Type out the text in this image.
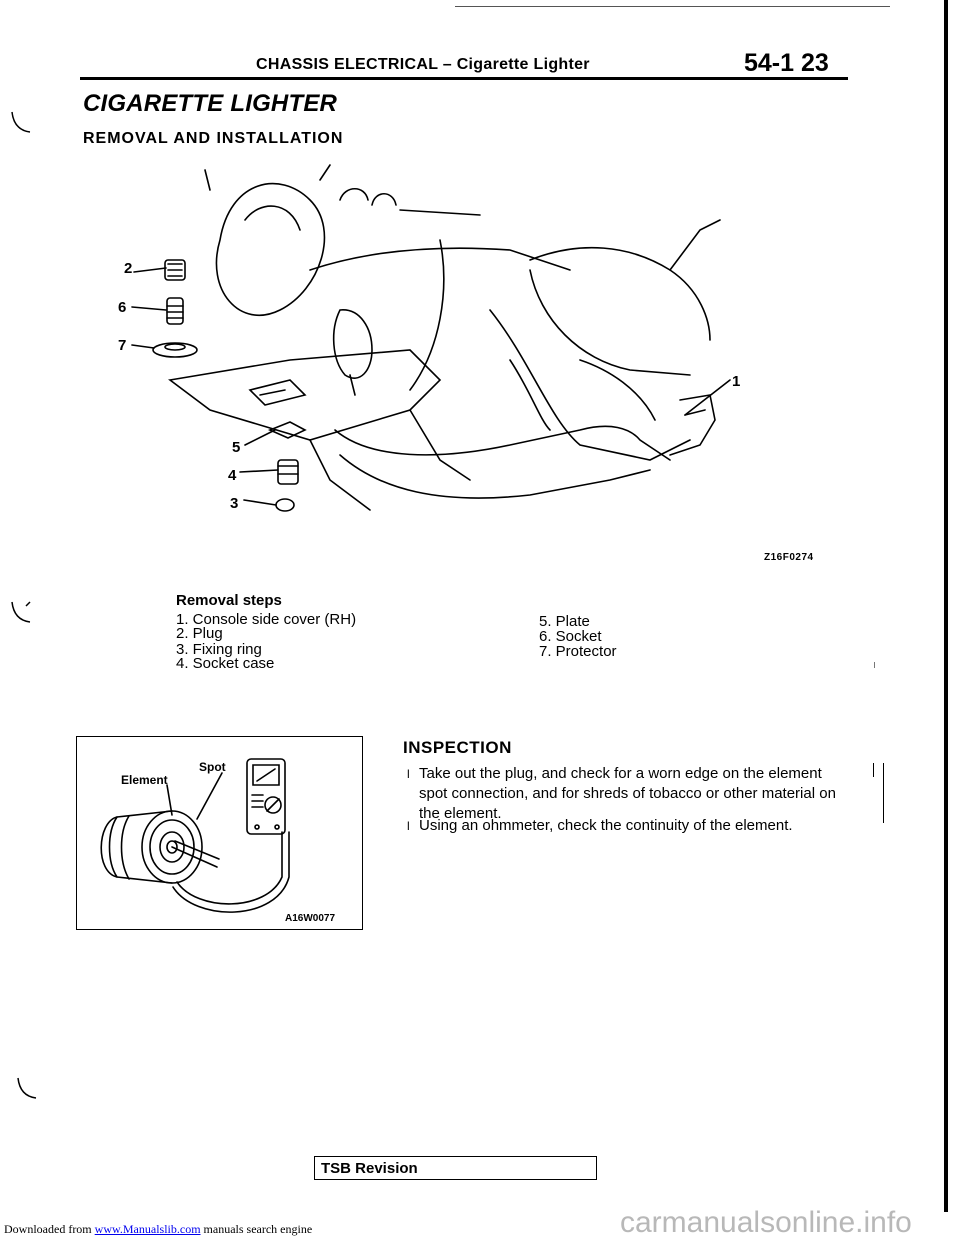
CHASSIS ELECTRICAL – Cigarette Lighter	54-1 23
CIGARETTE LIGHTER
REMOVAL AND INSTALLATION
2
6
7
5
4
3
1
Z16F0274
Removal steps
1. Console side cover (RH)
2. Plug
3. Fixing ring
4. Socket case
5. Plate
6. Socket
7. Protector
Element
Spot
A16W0077
INSPECTION
l Take out the plug, and check for a worn edge on the element spot connection, and for shreds of tobacco or other material on the element.
l Using an ohmmeter, check the continuity of the element.
TSB Revision
Downloaded from www.Manualslib.com manuals search engine	carmanualsonline.info
